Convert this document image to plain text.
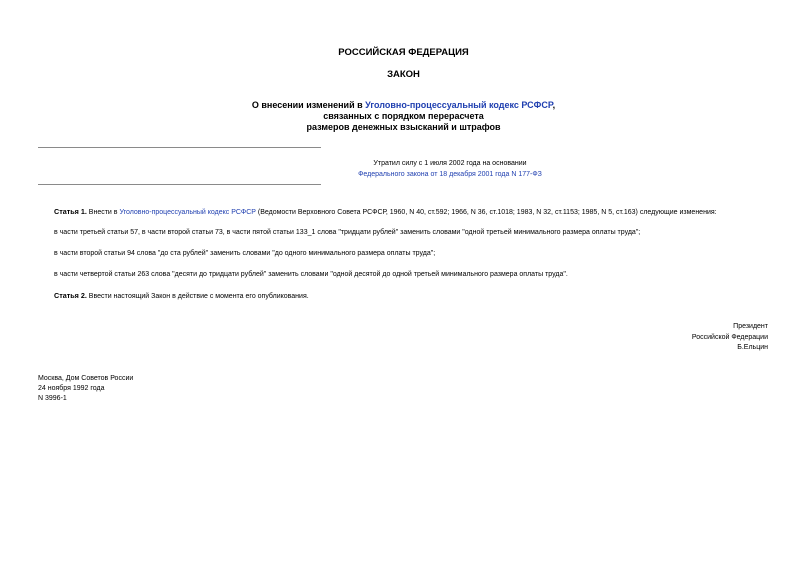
РОССИЙСКАЯ ФЕДЕРАЦИЯ
ЗАКОН
О внесении изменений в Уголовно-процессуальный кодекс РСФСР,
связанных с порядком перерасчета
размеров денежных взысканий и штрафов
Утратил силу с 1 июля 2002 года на основании
Федерального закона от 18 декабря 2001 года N 177-ФЗ
Статья 1. Внести в Уголовно-процессуальный кодекс РСФСР (Ведомости Верховного Совета РСФСР, 1960, N 40, ст.592; 1966, N 36, ст.1018; 1983, N 32, ст.1153; 1985, N 5, ст.163) следующие изменения:
в части третьей статьи 57, в части второй статьи 73, в части пятой статьи 133_1 слова "тридцати рублей" заменить словами "одной третьей минимального размера оплаты труда";
в части второй статьи 94 слова "до ста рублей" заменить словами "до одного минимального размера оплаты труда";
в части четвертой статьи 263 слова "десяти до тридцати рублей" заменить словами "одной десятой до одной третьей минимального размера оплаты труда".
Статья 2. Ввести настоящий Закон в действие с момента его опубликования.
Президент
Российской Федерации
Б.Ельцин
Москва, Дом Советов России
24 ноября 1992 года
N 3996-1
